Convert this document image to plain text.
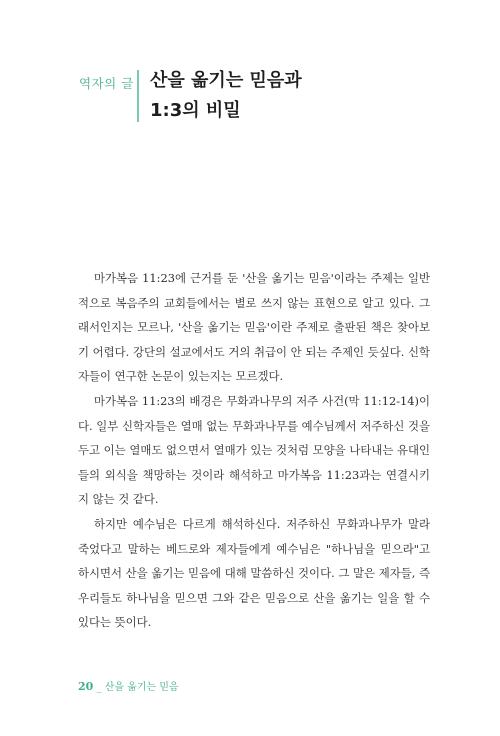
역자의 글 산을 옮기는 믿음과
1:3의 비밀

마가복음 11:23에 근거를 둔 '산을 옮기는 믿음'이라는 주제는 일반적으로 복음주의 교회들에서는 별로 쓰지 않는 표현으로 알고 있다. 그래서인지는 모르나, '산을 옮기는 믿음'이란 주제로 출판된 책은 찾아보기 어렵다. 강단의 설교에서도 거의 취급이 안 되는 주제인 듯싶다. 신학자들이 연구한 논문이 있는지는 모르겠다.

마가복음 11:23의 배경은 무화과나무의 저주 사건(막 11:12-14)이다. 일부 신학자들은 열매 없는 무화과나무를 예수님께서 저주하신 것을 두고 이는 열매도 없으면서 열매가 있는 것처럼 모양을 나타내는 유대인들의 외식을 책망하는 것이라 해석하고 마가복음 11:23과는 연결시키지 않는 것 같다.

하지만 예수님은 다르게 해석하신다. 저주하신 무화과나무가 말라 죽었다고 말하는 베드로와 제자들에게 예수님은 "하나님을 믿으라"고 하시면서 산을 옮기는 믿음에 대해 말씀하신 것이다. 그 말은 제자들, 즉 우리들도 하나님을 믿으면 그와 같은 믿음으로 산을 옮기는 일을 할 수 있다는 뜻이다.

20 _ 산을 옮기는 믿음
